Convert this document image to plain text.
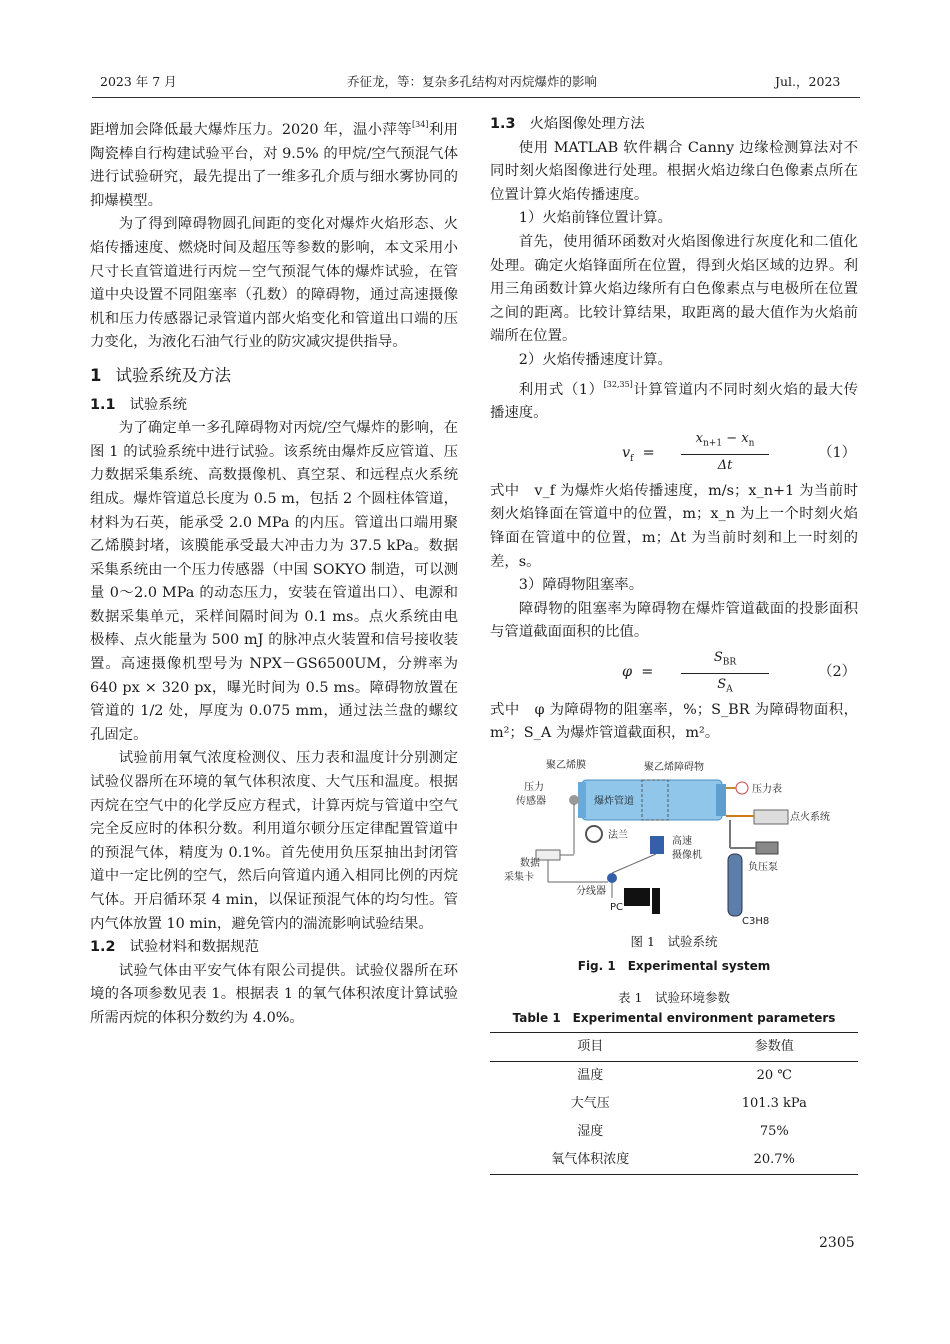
2023 年 7 月	乔征龙，等：复杂多孔结构对丙烷爆炸的影响	Jul.，2023

距增加会降低最大爆炸压力。2020 年，温小萍等[34]利用陶瓷棒自行构建试验平台，对 9.5% 的甲烷/空气预混气体进行试验研究，最先提出了一维多孔介质与细水雾协同的抑爆模型。

为了得到障碍物圆孔间距的变化对爆炸火焰形态、火焰传播速度、燃烧时间及超压等参数的影响，本文采用小尺寸长直管道进行丙烷－空气预混气体的爆炸试验，在管道中央设置不同阻塞率（孔数）的障碍物，通过高速摄像机和压力传感器记录管道内部火焰变化和管道出口端的压力变化，为液化石油气行业的防灾减灾提供指导。

1 试验系统及方法
1.1 试验系统

为了确定单一多孔障碍物对丙烷/空气爆炸的影响，在图 1 的试验系统中进行试验。该系统由爆炸反应管道、压力数据采集系统、高数摄像机、真空泵、和远程点火系统组成。爆炸管道总长度为 0.5 m，包括 2 个圆柱体管道，材料为石英，能承受 2.0 MPa 的内压。管道出口端用聚乙烯膜封堵，该膜能承受最大冲击力为 37.5 kPa。数据采集系统由一个压力传感器（中国 SOKYO 制造，可以测量 0～2.0 MPa 的动态压力，安装在管道出口）、电源和数据采集单元，采样间隔时间为 0.1 ms。点火系统由电极棒、点火能量为 500 mJ 的脉冲点火装置和信号接收装置。高速摄像机型号为 NPX－GS6500UM，分辨率为 640 px × 320 px，曝光时间为 0.5 ms。障碍物放置在管道的 1/2 处，厚度为 0.075 mm，通过法兰盘的螺纹孔固定。

试验前用氧气浓度检测仪、压力表和温度计分别测定试验仪器所在环境的氧气体积浓度、大气压和温度。根据丙烷在空气中的化学反应方程式，计算丙烷与管道中空气完全反应时的体积分数。利用道尔顿分压定律配置管道中的预混气体，精度为 0.1%。首先使用负压泵抽出封闭管道中一定比例的空气，然后向管道内通入相同比例的丙烷气体。开启循环泵 4 min，以保证预混气体的均匀性。管内气体放置 10 min，避免管内的湍流影响试验结果。

1.2 试验材料和数据规范

试验气体由平安气体有限公司提供。试验仪器所在环境的各项参数见表 1。根据表 1 的氧气体积浓度计算试验所需丙烷的体积分数约为 4.0%。

1.3 火焰图像处理方法

使用 MATLAB 软件耦合 Canny 边缘检测算法对不同时刻火焰图像进行处理。根据火焰边缘白色像素点所在位置计算火焰传播速度。

1）火焰前锋位置计算。

首先，使用循环函数对火焰图像进行灰度化和二值化处理。确定火焰锋面所在位置，得到火焰区域的边界。利用三角函数计算火焰边缘所有白色像素点与电极所在位置之间的距离。比较计算结果，取距离的最大值作为火焰前端所在位置。

2）火焰传播速度计算。

利用式（1）[32,35]计算管道内不同时刻火焰的最大传播速度。

$v_f$  =
$x_{n+1} - x_n$
Δt
（1）

式中　v_f 为爆炸火焰传播速度，m/s；x_n+1 为当前时刻火焰锋面在管道中的位置，m；x_n 为上一个时刻火焰锋面在管道中的位置，m；Δt 为当前时刻和上一时刻的差，s。

3）障碍物阻塞率。

障碍物的阻塞率为障碍物在爆炸管道截面的投影面积与管道截面面积的比值。

φ  =
$S_{BR}$
$S_A$
（2）

式中　φ 为障碍物的阻塞率，%；S_BR 为障碍物面积，m²；S_A 为爆炸管道截面积，m²。

聚乙烯膜	聚乙烯障碍物
压力
传感器	爆炸管道
压力表
法兰
高速
摄像机
点火系统
数据
采集卡
负压泵
分线器
PC
C3H8
图 1　试验系统
Fig. 1　Experimental system
表 1　试验环境参数
Table 1　Experimental environment parameters
项目	参数值
温度	20 ℃
大气压	101.3 kPa
湿度	75%
氧气体积浓度	20.7%
2305
